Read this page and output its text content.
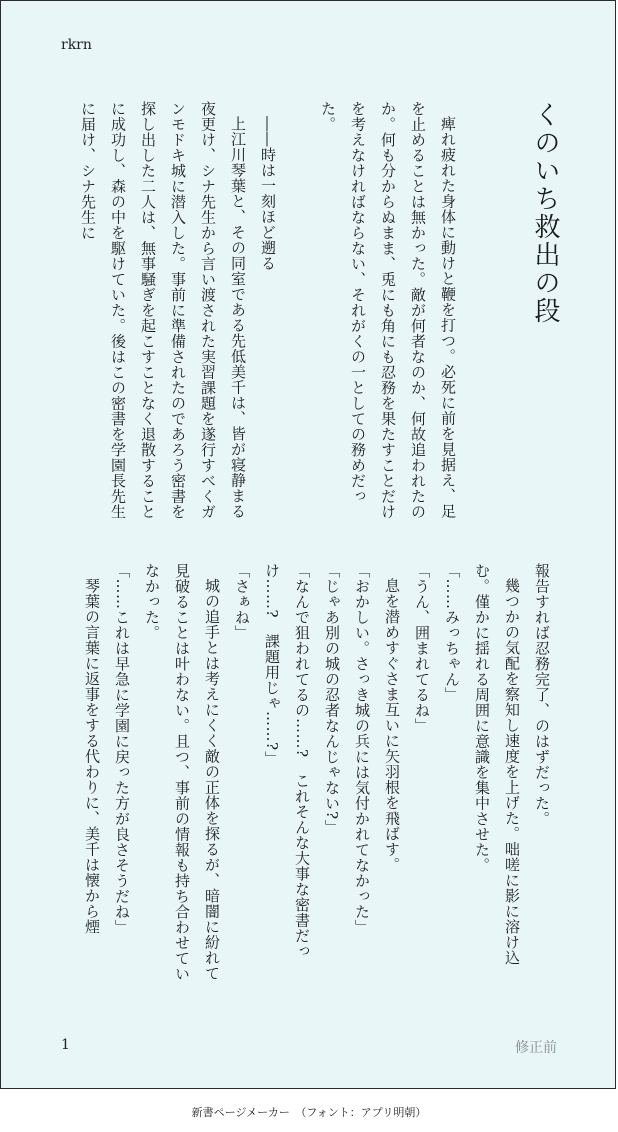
rkrn
くのいち救出の段

痺れ疲れた身体に動けと鞭を打つ。必死に前を見据え、足を止めることは無かった。敵が何者なのか、何故追われたのか。何も分からぬまま、兎にも角にも忍務を果たすことだけを考えなければならない、それがくの一としての務めだった。

――時は一刻ほど遡る

上江川琴葉と、その同室である先低美千は、皆が寝静まる夜更け、シナ先生から言い渡された実習課題を遂行すべくガンモドキ城に潜入した。事前に準備されたのであろう密書を探し出した二人は、無事騒ぎを起こすことなく退散することに成功し、森の中を駆けていた。後はこの密書を学園長先生に届け、シナ先生に

報告すれば忍務完了、のはずだった。

幾つかの気配を察知し速度を上げた。咄嗟に影に溶け込む。僅かに揺れる周囲に意識を集中させた。

「……みっちゃん」

「うん、囲まれてるね」

息を潜めすぐさま互いに矢羽根を飛ばす。

「おかしい。さっき城の兵には気付かれてなかった」

「じゃあ別の城の忍者なんじゃない?」

「なんで狙われてるの……?　これそんな大事な密書だっけ……?　課題用じゃ……?」

「さぁね」

城の追手とは考えにくく敵の正体を探るが、暗闇に紛れて見破ることは叶わない。且つ、事前の情報も持ち合わせていなかった。

「……これは早急に学園に戻った方が良さそうだね」

琴葉の言葉に返事をする代わりに、美千は懐から煙

1	修正前
新書ページメーカー　（フォント：アプリ明朝）
